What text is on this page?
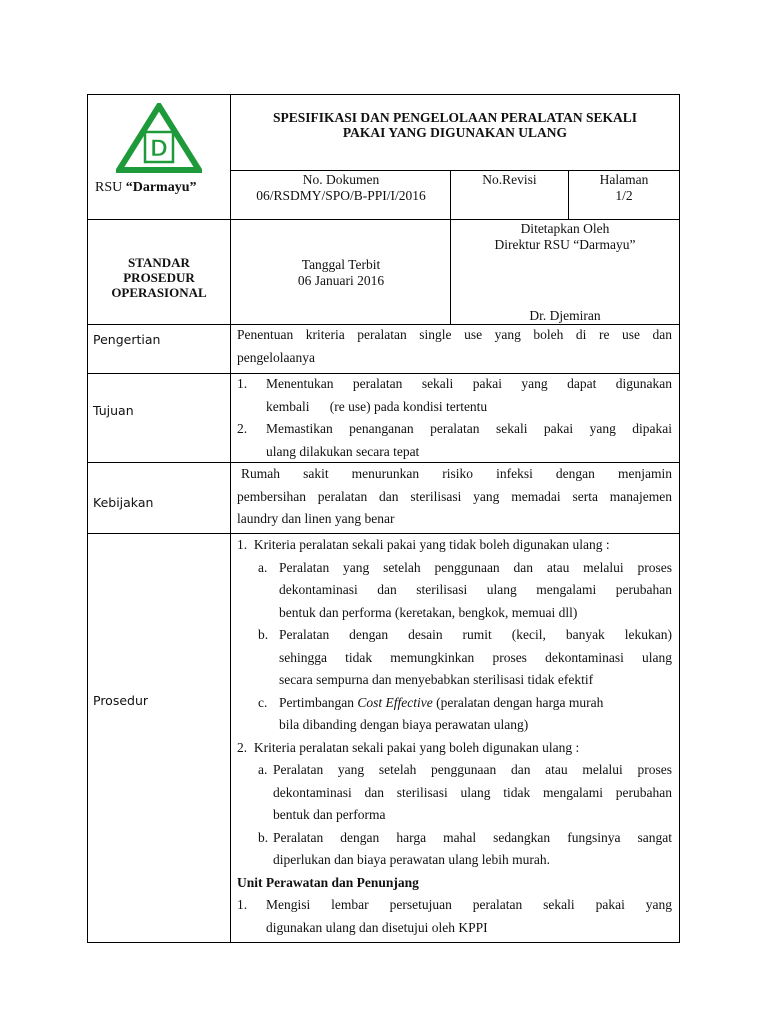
D
RSU “Darmayu”
SPESIFIKASI DAN PENGELOLAAN PERALATAN SEKALI
PAKAI YANG DIGUNAKAN ULANG
No. Dokumen
06/RSDMY/SPO/B-PPI/I/2016
No.Revisi	Halaman
1/2
STANDAR
PROSEDUR
OPERASIONAL
Tanggal Terbit
06 Januari 2016
Ditetapkan Oleh
Direktur RSU “Darmayu”
Dr. Djemiran
Pengertian	Penentuan kriteria peralatan single use yang boleh di re use dan
pengelolaanya
Tujuan
1. Menentukan peralatan sekali pakai yang dapat digunakan
kembali      (re use) pada kondisi tertentu
2. Memastikan penanganan peralatan sekali pakai yang dipakai
ulang dilakukan secara tepat
Kebijakan
Rumah sakit menurunkan risiko infeksi dengan menjamin
pembersihan peralatan dan sterilisasi yang memadai serta manajemen
laundry dan linen yang benar
Prosedur
1.  Kriteria peralatan sekali pakai yang tidak boleh digunakan ulang :
a. Peralatan yang setelah penggunaan dan atau melalui proses
dekontaminasi dan sterilisasi ulang mengalami perubahan
bentuk dan performa (keretakan, bengkok, memuai dll)
b. Peralatan dengan desain rumit (kecil, banyak lekukan)
sehingga tidak memungkinkan proses dekontaminasi ulang
secara sempurna dan menyebabkan sterilisasi tidak efektif
c. Pertimbangan Cost Effective (peralatan dengan harga murah
bila dibanding dengan biaya perawatan ulang)
2.  Kriteria peralatan sekali pakai yang boleh digunakan ulang :
a. Peralatan yang setelah penggunaan dan atau melalui proses
dekontaminasi dan sterilisasi ulang tidak mengalami perubahan
bentuk dan performa
b. Peralatan dengan harga mahal sedangkan fungsinya sangat
diperlukan dan biaya perawatan ulang lebih murah.
Unit Perawatan dan Penunjang
1. Mengisi lembar persetujuan peralatan sekali pakai yang
digunakan ulang dan disetujui oleh KPPI
